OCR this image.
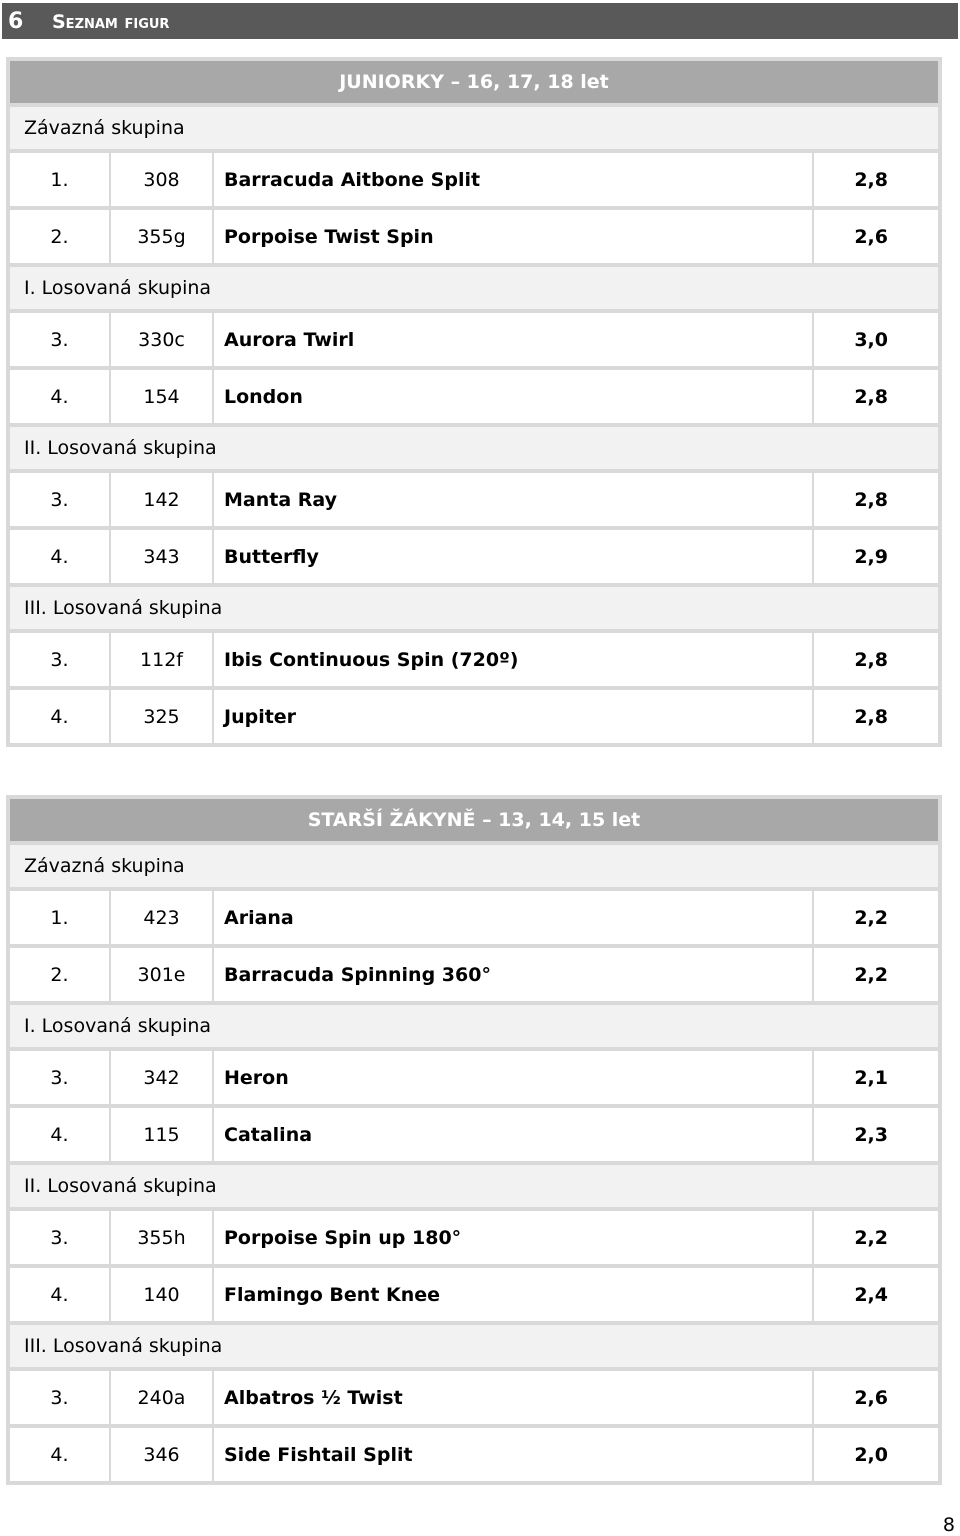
6 Seznam figur
JUNIORKY – 16, 17, 18 let
Závazná skupina
1.	308	Barracuda Aitbone Split	2,8
2.	355g	Porpoise Twist Spin	2,6
I. Losovaná skupina
3.	330c	Aurora Twirl	3,0
4.	154	London	2,8
II. Losovaná skupina
3.	142	Manta Ray	2,8
4.	343	Butterfly	2,9
III. Losovaná skupina
3.	112f	Ibis Continuous Spin (720º)	2,8
4.	325	Jupiter	2,8
STARŠÍ ŽÁKYNĚ – 13, 14, 15 let
Závazná skupina
1.	423	Ariana	2,2
2.	301e	Barracuda Spinning 360°	2,2
I. Losovaná skupina
3.	342	Heron	2,1
4.	115	Catalina	2,3
II. Losovaná skupina
3.	355h	Porpoise Spin up 180°	2,2
4.	140	Flamingo Bent Knee	2,4
III. Losovaná skupina
3.	240a	Albatros ½ Twist	2,6
4.	346	Side Fishtail Split	2,0
8
